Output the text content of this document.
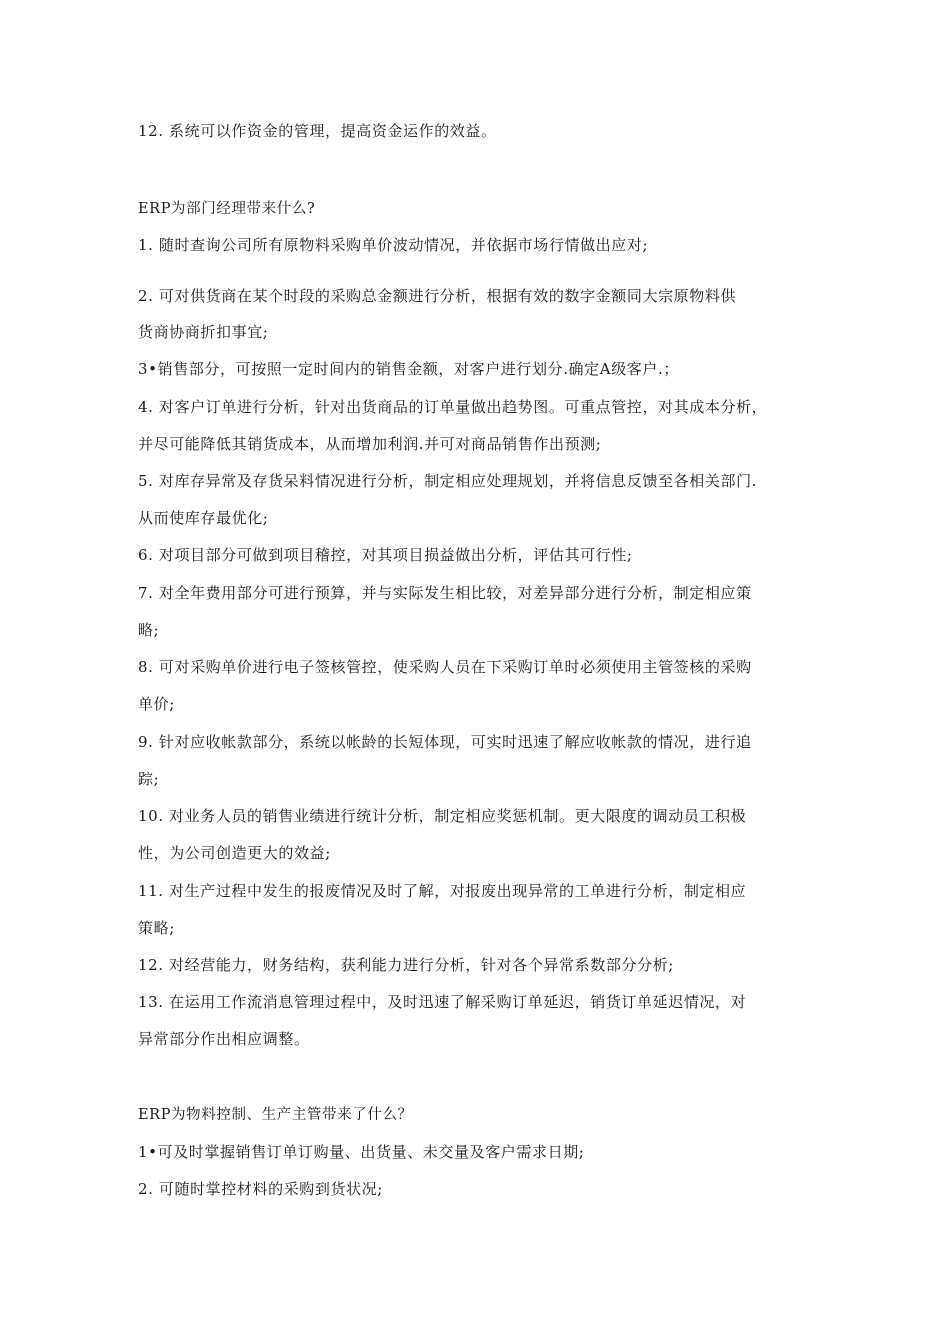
12. 系统可以作资金的管理，提高资金运作的效益。
ERP为部门经理带来什么?
1. 随时查询公司所有原物料采购单价波动情况，并依据市场行情做出应对;
2. 可对供货商在某个时段的采购总金额进行分析，根据有效的数字金额同大宗原物料供
货商协商折扣事宜;
3•销售部分，可按照一定时间内的销售金额，对客户进行划分.确定A级客户.；
4. 对客户订单进行分析，针对出货商品的订单量做出趋势图。可重点管控，对其成本分析，
并尽可能降低其销货成本，从而增加利润.并可对商品销售作出预测;
5. 对库存异常及存货呆料情况进行分析，制定相应处理规划，并将信息反馈至各相关部门.
从而使库存最优化;
6. 对项目部分可做到项目稽控，对其项目损益做出分析，评估其可行性;
7. 对全年费用部分可进行预算，并与实际发生相比较，对差异部分进行分析，制定相应策
略;
8. 可对采购单价进行电子签核管控，使采购人员在下采购订单时必须使用主管签核的采购
单价;
9. 针对应收帐款部分，系统以帐龄的长短体现，可实时迅速了解应收帐款的情况，进行追
踪;
10. 对业务人员的销售业绩进行统计分析，制定相应奖惩机制。更大限度的调动员工积极
性，为公司创造更大的效益;
11. 对生产过程中发生的报废情况及时了解，对报废出现异常的工单进行分析，制定相应
策略;
12. 对经营能力，财务结构，获利能力进行分析，针对各个异常系数部分分析;
13. 在运用工作流消息管理过程中，及时迅速了解采购订单延迟，销货订单延迟情况，对
异常部分作出相应调整。
ERP为物料控制、生产主管带来了什么？
1•可及时掌握销售订单订购量、出货量、未交量及客户需求日期;
2. 可随时掌控材料的采购到货状况;
